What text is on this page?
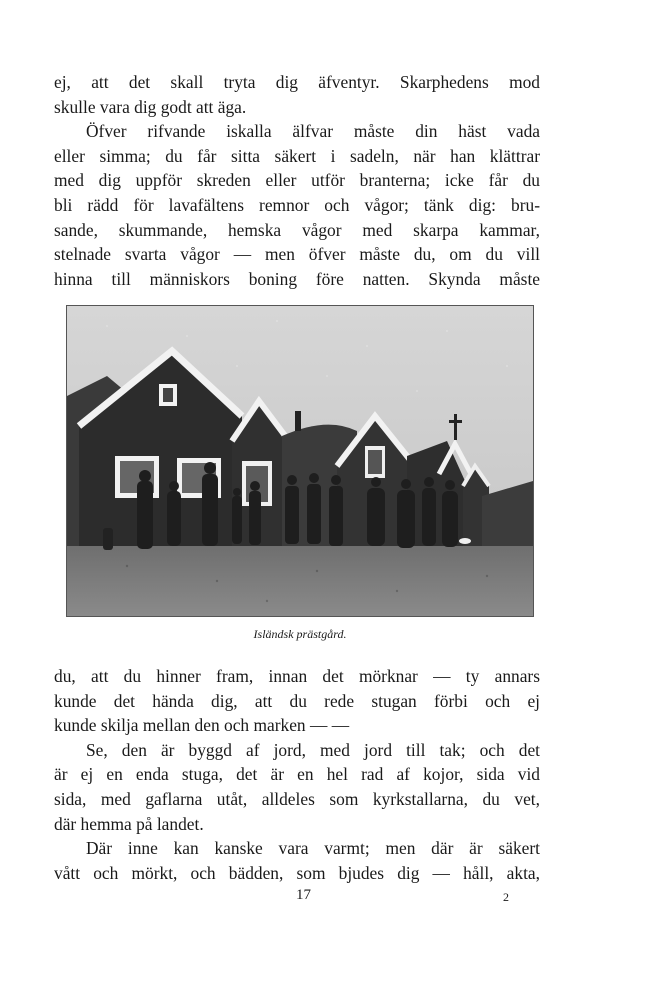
ej, att det skall tryta dig äfventyr. Skarphedens mod
skulle vara dig godt att äga.
Öfver rifvande iskalla älfvar måste din häst vada
eller simma; du får sitta säkert i sadeln, när han klättrar
med dig uppför skreden eller utför branterna; icke får du
bli rädd för lavafältens remnor och vågor; tänk dig: bru-
sande, skummande, hemska vågor med skarpa kammar,
stelnade svarta vågor — men öfver måste du, om du vill
hinna till människors boning före natten. Skynda måste
Isländsk prästgård.
du, att du hinner fram, innan det mörknar — ty annars
kunde det hända dig, att du rede stugan förbi och ej
kunde skilja mellan den och marken — —
Se, den är byggd af jord, med jord till tak; och det
är ej en enda stuga, det är en hel rad af kojor, sida vid
sida, med gaflarna utåt, alldeles som kyrkstallarna, du vet,
där hemma på landet.
Där inne kan kanske vara varmt; men där är säkert
vått och mörkt, och bädden, som bjudes dig — håll, akta,
17	2
